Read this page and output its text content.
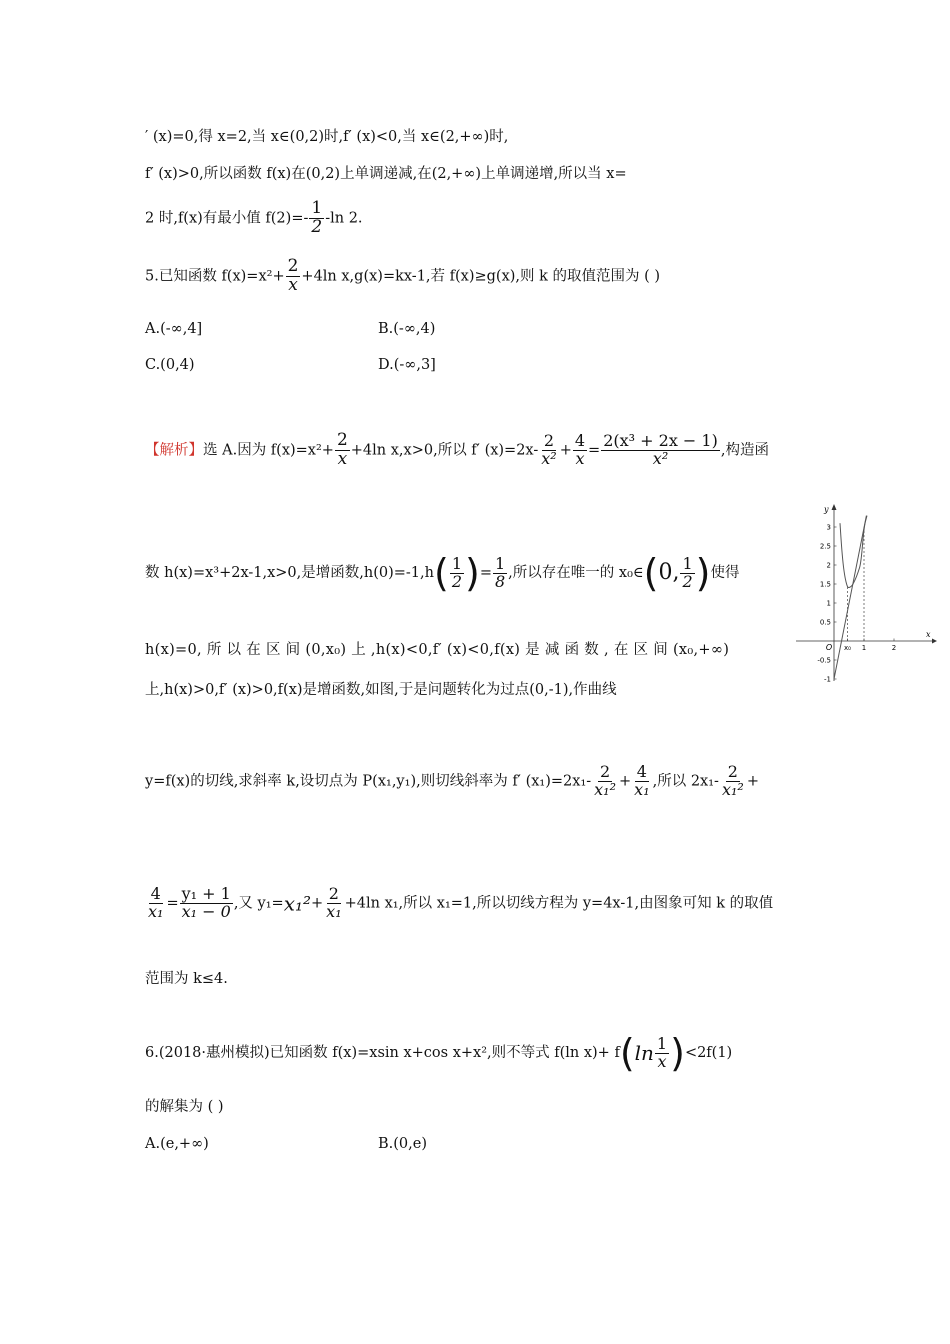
′ (x)=0,得 x=2,当 x∈(0,2)时,f′ (x)<0,当 x∈(2,+∞)时,
f′ (x)>0,所以函数 f(x)在(0,2)上单调递减,在(2,+∞)上单调递增,所以当 x=
2 时,f(x)有最小值 $f(2)=- \frac{1}{2} -\ln$ 2.
5.已知函数 $f(x)=x^2+ \frac{2}{x} +4\ln$ x,g(x)=kx-1,若 f(x)≥g(x),则 k 的取值范围为 ( )
A.(-∞,4]	B.(-∞,4)
C.(0,4)	D.(-∞,3]
【解析】选 A.因为 $f(x)=x^2+ \frac{2}{x} +4\ln$ x,x>0,所以 f′ $(x)=2x- \frac{2}{\text{x²}} + \frac{4}{x} = \frac{\text{2(x³ + 2x − 1)}}{\text{x²}}$ ,构造函
数 h(x)=x³+2x-1,x>0,是增函数$,h(0)=-1,h( \frac{1}{2}$ )= $\frac{1}{8}$ ,所以存在唯一的 x₀∈(0, $\frac{1}{2}$ )使得
h(x)=0, 所 以 在 区 间 (0,x₀) 上 ,h(x)<0,f′ (x)<0,f(x) 是 减 函 数 , 在 区 间 (x₀,+∞)
上,h(x)>0,f′ (x)>0,f(x)是增函数,如图,于是问题转化为过点(0,-1),作曲线
y=f(x)的切线,求斜率 k,设切点为 P(x₁,y₁),则切线斜率为 f′ $(x_1)=2x_1- \frac{2}{\text{x₁²}} + \frac{4}{\text{x₁}}$ ,所以 $2x_1- \frac{2}{\text{x₁²}}$ +
$\frac{4}{\text{x₁}} = \frac{\text{y₁ + 1}}{\text{x₁ − 0}}$ ,又 $y_1=x_1^2+ \frac{2}{\text{x₁}} +4\ln$ x₁,所以 x₁=1,所以切线方程为 y=4x-1,由图象可知 k 的取值
范围为 k≤4.
6.(2018·惠州模拟)已知函数 f(x)=xsin x+cos x+x²,则不等式 f(ln $x)+ f(\ln \frac{1}{x} )<2f(1)$
的解集为 ( )
A.(e,+∞)	B.(0,e)
x
y
3
2.5
2
1.5
1
0.5
-0.5
-1
O x₀ 1	2
